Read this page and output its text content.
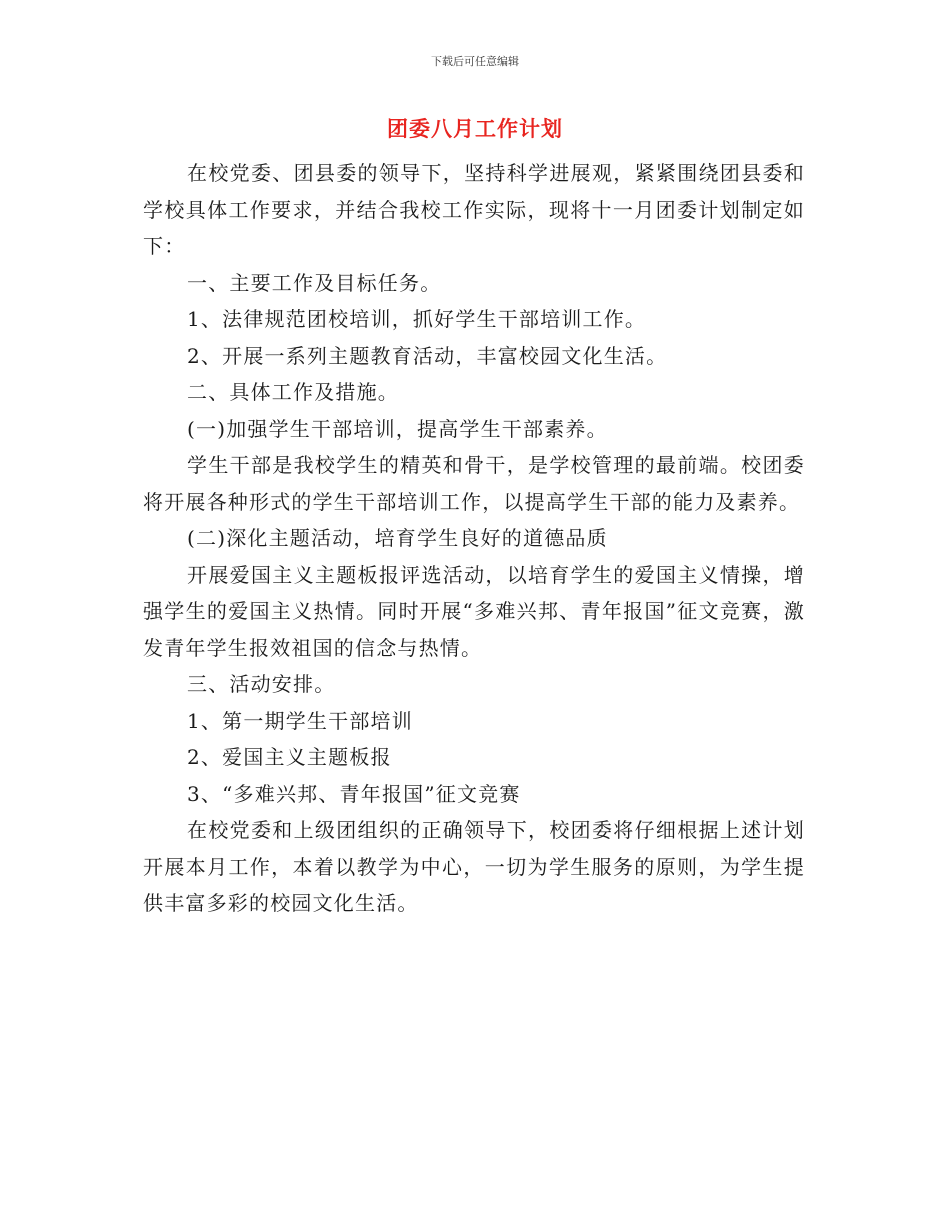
下载后可任意编辑
团委八月工作计划

在校党委、团县委的领导下，坚持科学进展观，紧紧围绕团县委和学校具体工作要求，并结合我校工作实际，现将十一月团委计划制定如下：

一、主要工作及目标任务。

1、法律规范团校培训，抓好学生干部培训工作。

2、开展一系列主题教育活动，丰富校园文化生活。

二、具体工作及措施。

(一)加强学生干部培训，提高学生干部素养。

学生干部是我校学生的精英和骨干，是学校管理的最前端。校团委将开展各种形式的学生干部培训工作，以提高学生干部的能力及素养。

(二)深化主题活动，培育学生良好的道德品质

开展爱国主义主题板报评选活动，以培育学生的爱国主义情操，增强学生的爱国主义热情。同时开展“多难兴邦、青年报国”征文竞赛，激发青年学生报效祖国的信念与热情。

三、活动安排。

1、第一期学生干部培训

2、爱国主义主题板报

3、“多难兴邦、青年报国”征文竞赛

在校党委和上级团组织的正确领导下，校团委将仔细根据上述计划开展本月工作，本着以教学为中心，一切为学生服务的原则，为学生提供丰富多彩的校园文化生活。
